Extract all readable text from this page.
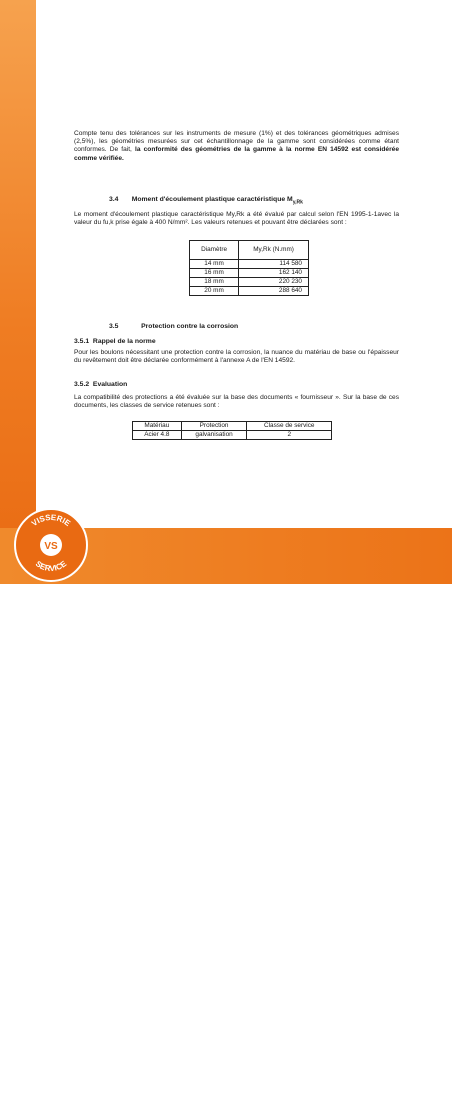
VISSERIE SERVICE - ZA Nord 72300 PARCÉ/SARTHE - FRANCE -
www.vis-express.fr - www.visserie-service.fr - mail: service.client@visserie-service.fr
VISSERIE
SERVICE
VS
Compte tenu des tolérances sur les instruments de mesure (1%) et des tolérances géométriques admises (2,5%), les géométries mesurées sur cet échantillonnage de la gamme sont considérées comme étant conformes. De fait, la conformité des géométries de la gamme à la norme EN 14592 est considérée comme vérifiée.
3.4 Moment d'écoulement plastique caractéristique $M_{y,Rk}$
Le moment d'écoulement plastique caractéristique My,Rk a été évalué par calcul selon l'EN 1995-1-1avec la valeur du fu,k prise égale à 400 N/mm². Les valeurs retenues et pouvant être déclarées sont :
Diamètre	My,Rk (N.mm)
14 mm	114 580
16 mm	162 140
18 mm	220 230
20 mm	288 640
3.5	Protection contre la corrosion
3.5.1 Rappel de la norme
Pour les boulons nécessitant une protection contre la corrosion, la nuance du matériau de base ou l'épaisseur du revêtement doit être déclarée conformément à l'annexe A de l'EN 14592.
3.5.2 Evaluation
La compatibilité des protections a été évaluée sur la base des documents « fournisseur ». Sur la base de ces documents, les classes de service retenues sont :
Matériau	Protection	Classe de service
Acier 4.8	galvanisation	2
